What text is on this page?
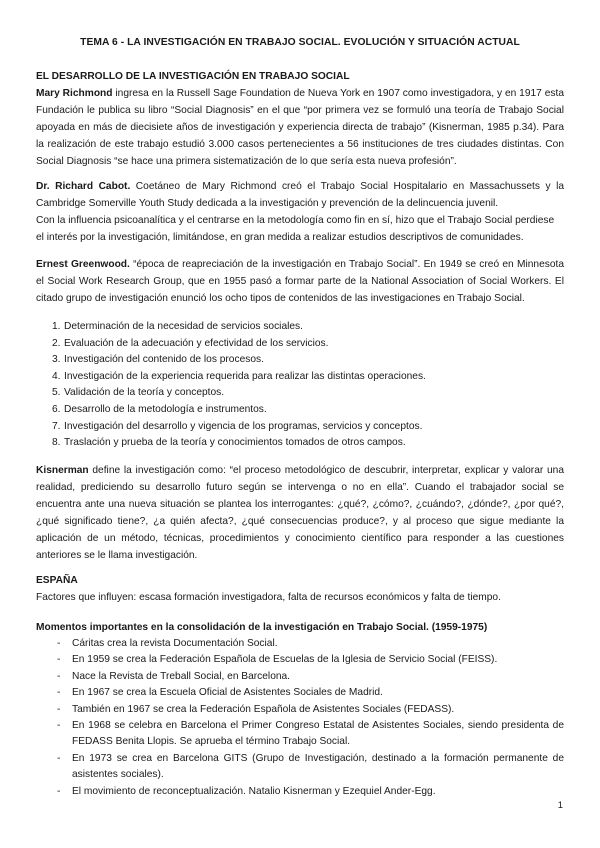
TEMA 6 - LA INVESTIGACIÓN EN TRABAJO SOCIAL. EVOLUCIÓN Y SITUACIÓN ACTUAL
EL DESARROLLO DE LA INVESTIGACIÓN EN TRABAJO SOCIAL
Mary Richmond ingresa en la Russell Sage Foundation de Nueva York en 1907 como investigadora, y en 1917 esta Fundación le publica su libro “Social Diagnosis” en el que “por primera vez se formuló una teoría de Trabajo Social apoyada en más de diecisiete años de investigación y experiencia directa de trabajo” (Kisnerman, 1985 p.34). Para la realización de este trabajo estudió 3.000 casos pertenecientes a 56 instituciones de tres ciudades distintas. Con Social Diagnosis “se hace una primera sistematización de lo que sería esta nueva profesión”.
Dr. Richard Cabot. Coetáneo de Mary Richmond creó el Trabajo Social Hospitalario en Massachussets y la Cambridge Somerville Youth Study dedicada a la investigación y prevención de la delincuencia juvenil.
Con la influencia psicoanalítica y el centrarse en la metodología como fin en sí, hizo que el Trabajo Social perdiese el interés por la investigación, limitándose, en gran medida a realizar estudios descriptivos de comunidades.
Ernest Greenwood. “época de reapreciación de la investigación en Trabajo Social”. En 1949 se creó en Minnesota el Social Work Research Group, que en 1955 pasó a formar parte de la National Association of Social Workers. El citado grupo de investigación enunció los ocho tipos de contenidos de las investigaciones en Trabajo Social.
1. Determinación de la necesidad de servicios sociales.
2. Evaluación de la adecuación y efectividad de los servicios.
3. Investigación del contenido de los procesos.
4. Investigación de la experiencia requerida para realizar las distintas operaciones.
5. Validación de la teoría y conceptos.
6. Desarrollo de la metodología e instrumentos.
7. Investigación del desarrollo y vigencia de los programas, servicios y conceptos.
8. Traslación y prueba de la teoría y conocimientos tomados de otros campos.
Kisnerman define la investigación como: “el proceso metodológico de descubrir, interpretar, explicar y valorar una realidad, prediciendo su desarrollo futuro según se intervenga o no en ella”. Cuando el trabajador social se encuentra ante una nueva situación se plantea los interrogantes: ¿qué?, ¿cómo?, ¿cuándo?, ¿dónde?, ¿por qué?, ¿qué significado tiene?, ¿a quién afecta?, ¿qué consecuencias produce?, y al proceso que sigue mediante la aplicación de un método, técnicas, procedimientos y conocimiento científico para responder a las cuestiones anteriores se le llama investigación.
ESPAÑA
Factores que influyen: escasa formación investigadora, falta de recursos económicos y falta de tiempo.
Momentos importantes en la consolidación de la investigación en Trabajo Social. (1959-1975)
- Cáritas crea la revista Documentación Social.
- En 1959 se crea la Federación Española de Escuelas de la Iglesia de Servicio Social (FEISS).
- Nace la Revista de Treball Social, en Barcelona.
- En 1967 se crea la Escuela Oficial de Asistentes Sociales de Madrid.
- También en 1967 se crea la Federación Española de Asistentes Sociales (FEDASS).
- En 1968 se celebra en Barcelona el Primer Congreso Estatal de Asistentes Sociales, siendo presidenta de FEDASS Benita Llopis. Se aprueba el término Trabajo Social.
- En 1973 se crea en Barcelona GITS (Grupo de Investigación, destinado a la formación permanente de asistentes sociales).
- El movimiento de reconceptualización. Natalio Kisnerman y Ezequiel Ander-Egg.
1
